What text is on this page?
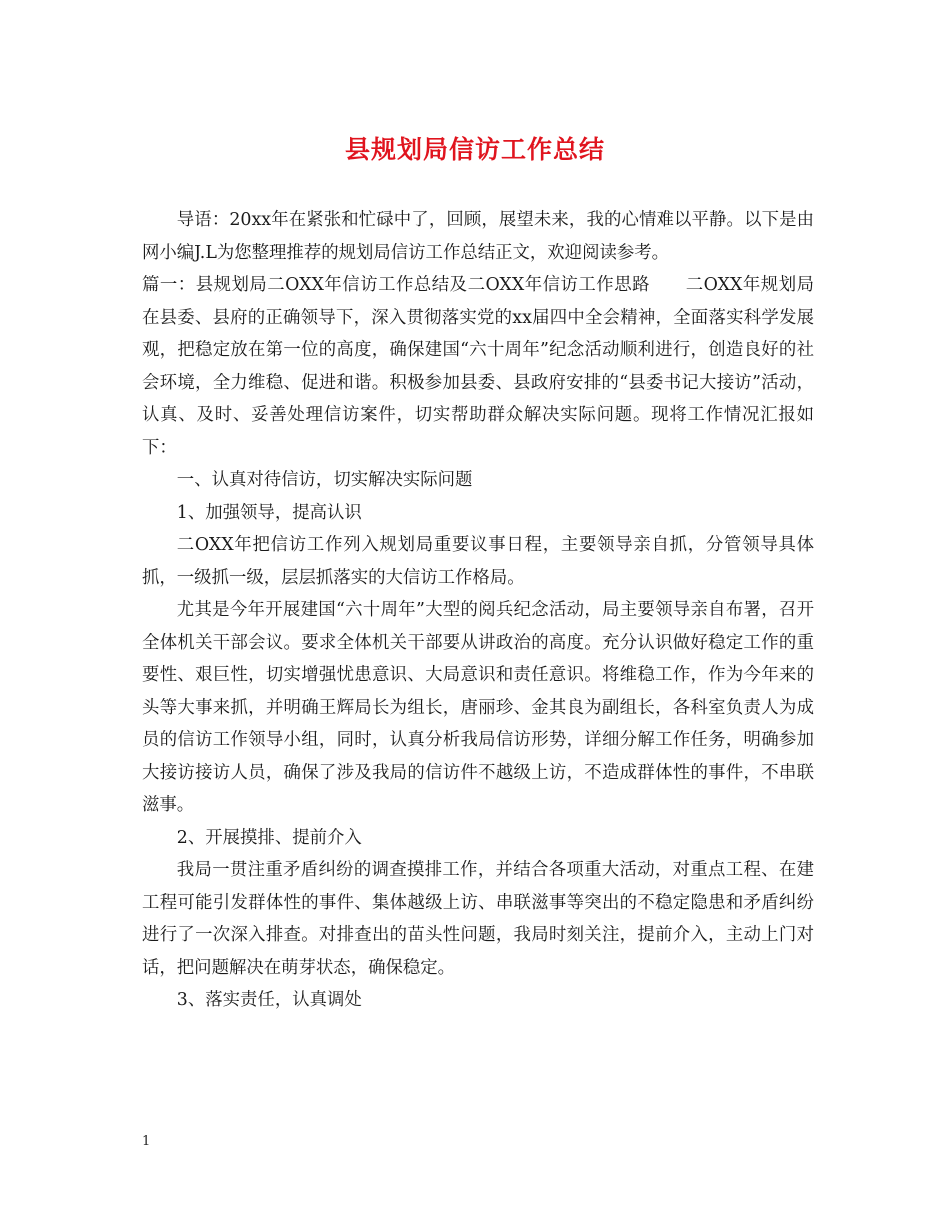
县规划局信访工作总结

导语：20xx年在紧张和忙碌中了，回顾，展望未来，我的心情难以平静。以下是由网小编J.L为您整理推荐的规划局信访工作总结正文，欢迎阅读参考。

篇一：县规划局二OXX年信访工作总结及二OXX年信访工作思路　　二OXX年规划局在县委、县府的正确领导下，深入贯彻落实党的xx届四中全会精神，全面落实科学发展观，把稳定放在第一位的高度，确保建国“六十周年”纪念活动顺利进行，创造良好的社会环境，全力维稳、促进和谐。积极参加县委、县政府安排的“县委书记大接访”活动，认真、及时、妥善处理信访案件，切实帮助群众解决实际问题。现将工作情况汇报如下：

一、认真对待信访，切实解决实际问题

1、加强领导，提高认识

二OXX年把信访工作列入规划局重要议事日程，主要领导亲自抓，分管领导具体抓，一级抓一级，层层抓落实的大信访工作格局。

尤其是今年开展建国“六十周年”大型的阅兵纪念活动，局主要领导亲自布署，召开全体机关干部会议。要求全体机关干部要从讲政治的高度。充分认识做好稳定工作的重要性、艰巨性，切实增强忧患意识、大局意识和责任意识。将维稳工作，作为今年来的头等大事来抓，并明确王辉局长为组长，唐丽珍、金其良为副组长，各科室负责人为成员的信访工作领导小组，同时，认真分析我局信访形势，详细分解工作任务，明确参加大接访接访人员，确保了涉及我局的信访件不越级上访，不造成群体性的事件，不串联滋事。

2、开展摸排、提前介入

我局一贯注重矛盾纠纷的调查摸排工作，并结合各项重大活动，对重点工程、在建工程可能引发群体性的事件、集体越级上访、串联滋事等突出的不稳定隐患和矛盾纠纷进行了一次深入排查。对排查出的苗头性问题，我局时刻关注，提前介入，主动上门对话，把问题解决在萌芽状态，确保稳定。

3、落实责任，认真调处

1
